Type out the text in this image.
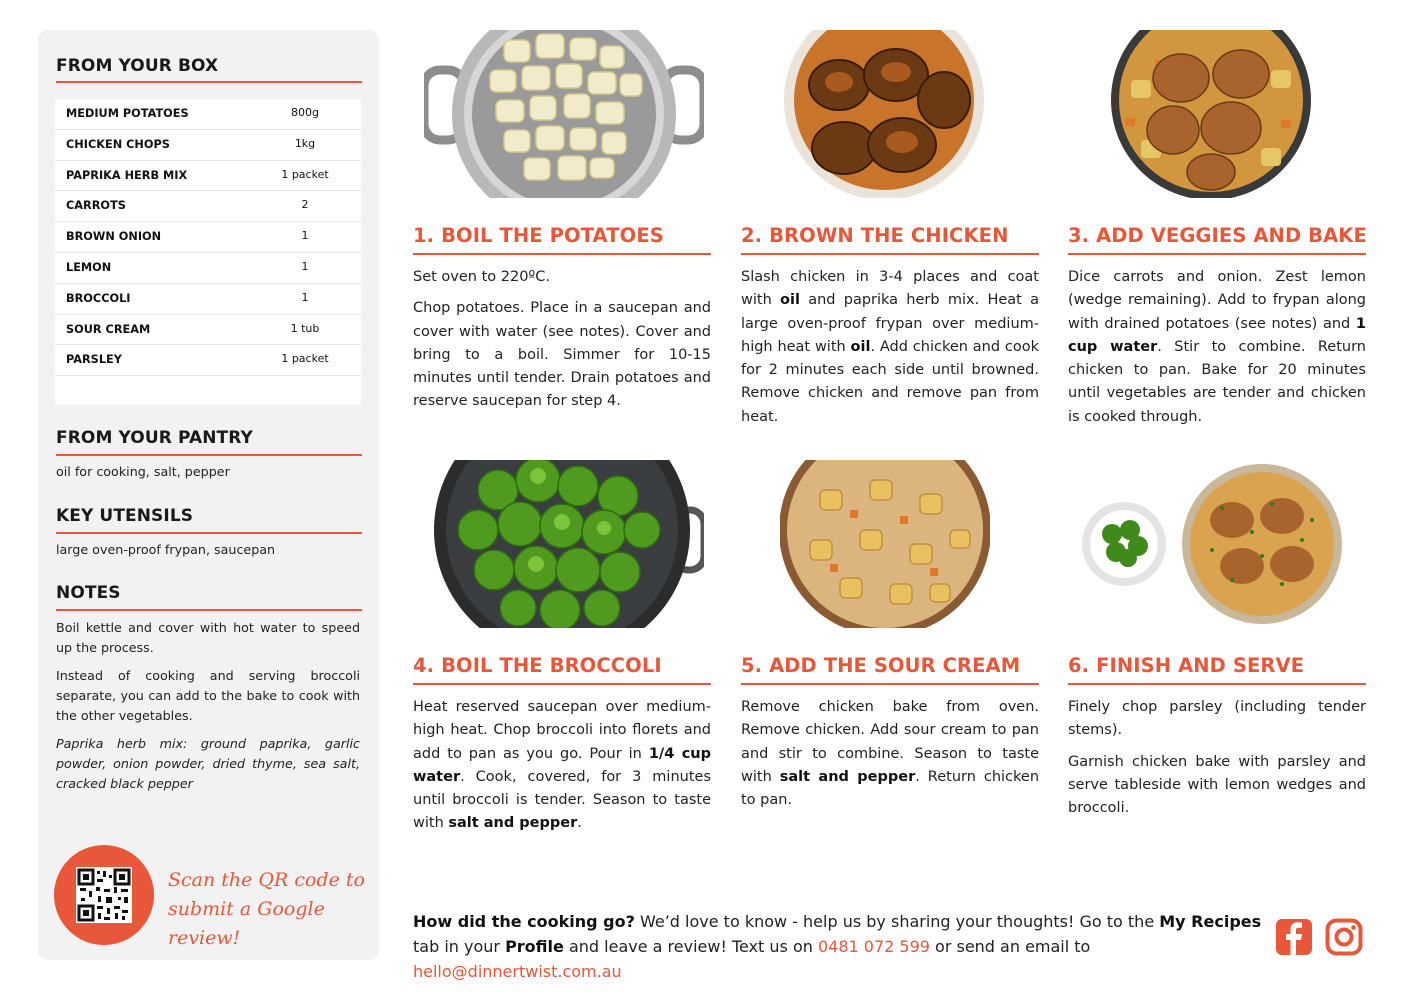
FROM YOUR BOX
MEDIUM POTATOES	800g
CHICKEN CHOPS	1kg
PAPRIKA HERB MIX	1 packet
CARROTS	2
BROWN ONION	1
LEMON	1
BROCCOLI	1
SOUR CREAM	1 tub
PARSLEY	1 packet
FROM YOUR PANTRY
oil for cooking, salt, pepper
KEY UTENSILS
large oven-proof frypan, saucepan
NOTES
Boil kettle and cover with hot water to speed up the process.
Instead of cooking and serving broccoli separate, you can add to the bake to cook with the other vegetables.
Paprika herb mix: ground paprika, garlic powder, onion powder, dried thyme, sea salt, cracked black pepper
Scan the QR code to
submit a Google review!
1. BOIL THE POTATOES

Set oven to 220ºC.

Chop potatoes. Place in a saucepan and cover with water (see notes). Cover and bring to a boil. Simmer for 10-15 minutes until tender. Drain potatoes and reserve saucepan for step 4.

2. BROWN THE CHICKEN

Slash chicken in 3-4 places and coat with oil and paprika herb mix. Heat a large oven-proof frypan over medium-high heat with oil. Add chicken and cook for 2 minutes each side until browned. Remove chicken and remove pan from heat.

3. ADD VEGGIES AND BAKE

Dice carrots and onion. Zest lemon (wedge remaining). Add to frypan along with drained potatoes (see notes) and 1 cup water. Stir to combine. Return chicken to pan. Bake for 20 minutes until vegetables are tender and chicken is cooked through.

4. BOIL THE BROCCOLI

Heat reserved saucepan over medium-high heat. Chop broccoli into florets and add to pan as you go. Pour in 1/4 cup water. Cook, covered, for 3 minutes until broccoli is tender. Season to taste with salt and pepper.

5. ADD THE SOUR CREAM

Remove chicken bake from oven. Remove chicken. Add sour cream to pan and stir to combine. Season to taste with salt and pepper. Return chicken to pan.

6. FINISH AND SERVE

Finely chop parsley (including tender stems).

Garnish chicken bake with parsley and serve tableside with lemon wedges and broccoli.

How did the cooking go? We’d love to know - help us by sharing your thoughts! Go to the My Recipes tab in your Profile and leave a review! Text us on 0481 072 599 or send an email to hello@dinnertwist.com.au
